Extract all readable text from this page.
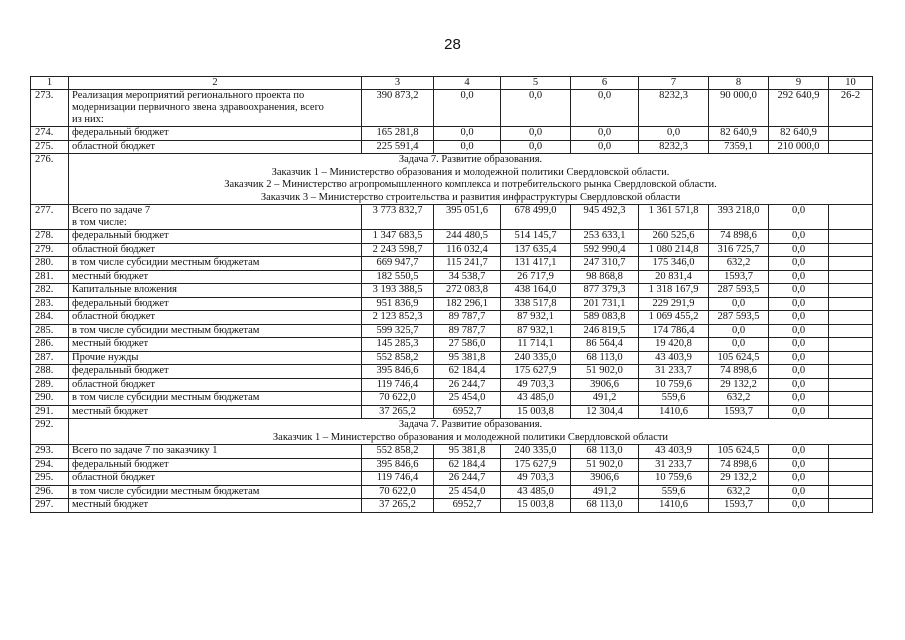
28
1	2	3	4	5	6	7	8	9	10
273.	Реализация мероприятий регионального проекта по модернизации первичного звена здравоохранения, всего
из них:	390 873,2	0,0	0,0	0,0	8232,3	90 000,0	292 640,9	26-2
274.	федеральный бюджет	165 281,8	0,0	0,0	0,0	0,0	82 640,9	82 640,9	
275.	областной бюджет	225 591,4	0,0	0,0	0,0	8232,3	7359,1	210 000,0	
276.	Задача 7. Развитие образования.
Заказчик 1 – Министерство образования и молодежной политики Свердловской области.
Заказчик 2 – Министерство агропромышленного комплекса и потребительского рынка Свердловской области.
Заказчик 3 – Министерство строительства и развития инфраструктуры Свердловской области								

277.	Всего по задаче 7
в том числе:	3 773 832,7	395 051,6	678 499,0	945 492,3	1 361 571,8	393 218,0	0,0	
278.	федеральный бюджет	1 347 683,5	244 480,5	514 145,7	253 633,1	260 525,6	74 898,6	0,0	
279.	областной бюджет	2 243 598,7	116 032,4	137 635,4	592 990,4	1 080 214,8	316 725,7	0,0	
280.	в том числе субсидии местным бюджетам	669 947,7	115 241,7	131 417,1	247 310,7	175 346,0	632,2	0,0	
281.	местный бюджет	182 550,5	34 538,7	26 717,9	98 868,8	20 831,4	1593,7	0,0	
282.	Капитальные вложения	3 193 388,5	272 083,8	438 164,0	877 379,3	1 318 167,9	287 593,5	0,0	
283.	федеральный бюджет	951 836,9	182 296,1	338 517,8	201 731,1	229 291,9	0,0	0,0	
284.	областной бюджет	2 123 852,3	89 787,7	87 932,1	589 083,8	1 069 455,2	287 593,5	0,0	
285.	в том числе субсидии местным бюджетам	599 325,7	89 787,7	87 932,1	246 819,5	174 786,4	0,0	0,0	
286.	местный бюджет	145 285,3	27 586,0	11 714,1	86 564,4	19 420,8	0,0	0,0	
287.	Прочие нужды	552 858,2	95 381,8	240 335,0	68 113,0	43 403,9	105 624,5	0,0	
288.	федеральный бюджет	395 846,6	62 184,4	175 627,9	51 902,0	31 233,7	74 898,6	0,0	
289.	областной бюджет	119 746,4	26 244,7	49 703,3	3906,6	10 759,6	29 132,2	0,0	
290.	в том числе субсидии местным бюджетам	70 622,0	25 454,0	43 485,0	491,2	559,6	632,2	0,0	
291.	местный бюджет	37 265,2	6952,7	15 003,8	12 304,4	1410,6	1593,7	0,0	
292.	Задача 7. Развитие образования.
Заказчик 1 – Министерство образования и молодежной политики Свердловской области								

293.	Всего по задаче 7 по заказчику 1	552 858,2	95 381,8	240 335,0	68 113,0	43 403,9	105 624,5	0,0	
294.	федеральный бюджет	395 846,6	62 184,4	175 627,9	51 902,0	31 233,7	74 898,6	0,0	
295.	областной бюджет	119 746,4	26 244,7	49 703,3	3906,6	10 759,6	29 132,2	0,0	
296.	в том числе субсидии местным бюджетам	70 622,0	25 454,0	43 485,0	491,2	559,6	632,2	0,0	
297.	местный бюджет	37 265,2	6952,7	15 003,8	68 113,0	1410,6	1593,7	0,0	
